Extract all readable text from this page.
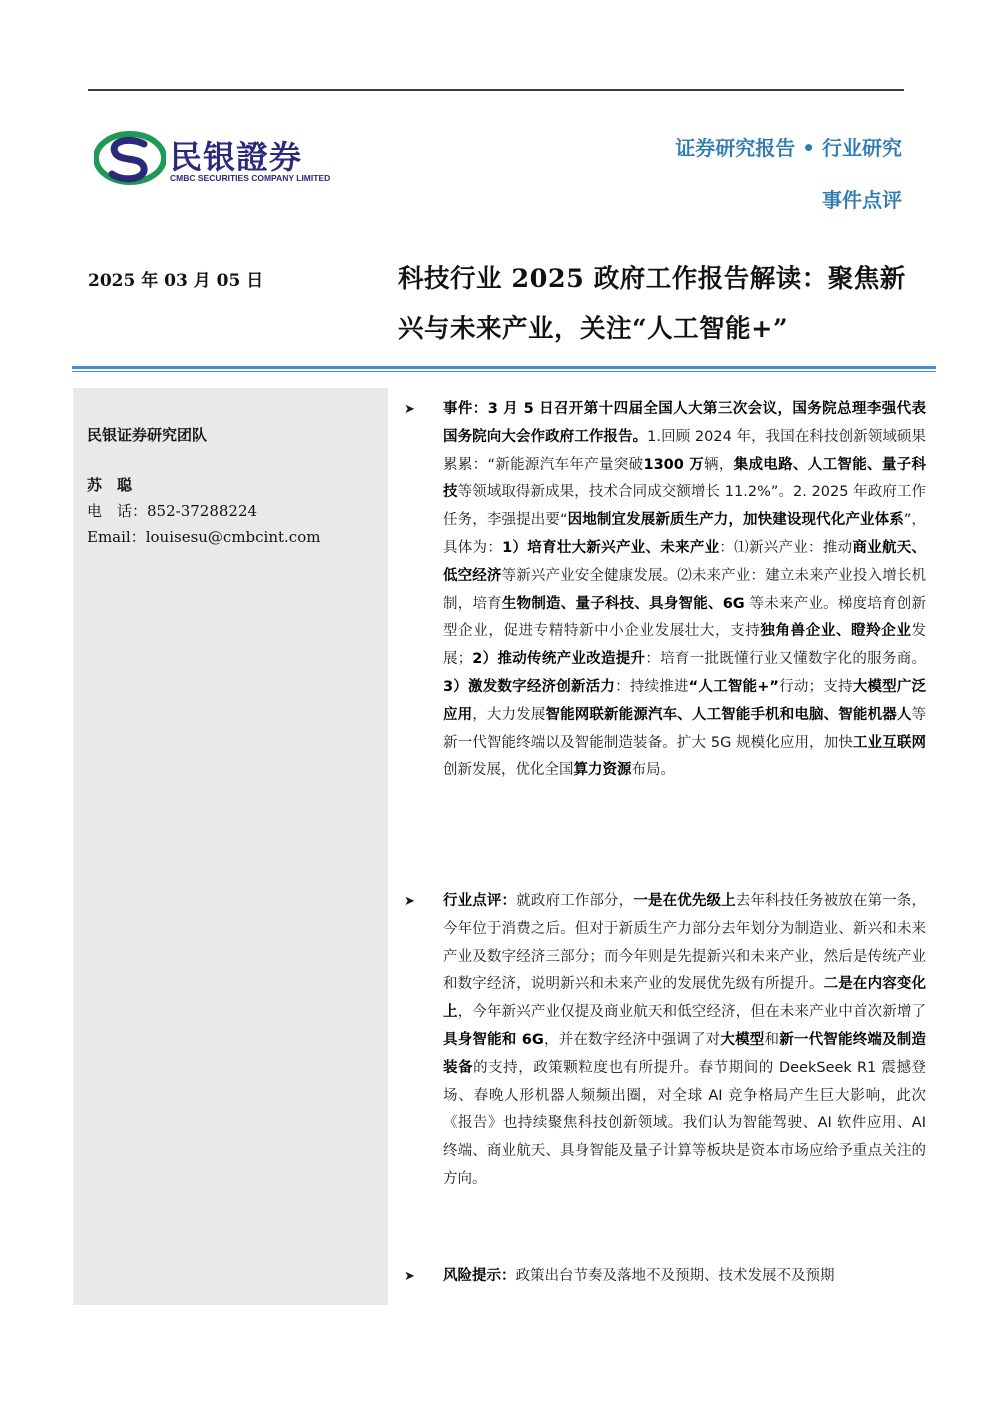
民银證券
CMBC SECURITIES COMPANY LIMITED
证券研究报告 • 行业研究
事件点评
2025 年 03 月 05 日	科技行业 2025 政府工作报告解读：聚焦新兴与未来产业，关注“人工智能+”
民银证券研究团队
苏　聪
电　话：852-37288224
Email：louisesu@cmbcint.com
➤ 事件：3 月 5 日召开第十四届全国人大第三次会议，国务院总理李强代表国务院向大会作政府工作报告。1.回顾 2024 年，我国在科技创新领域硕果累累：“新能源汽车年产量突破1300 万辆，集成电路、人工智能、量子科技等领域取得新成果，技术合同成交额增长 11.2%”。2. 2025 年政府工作任务，李强提出要“因地制宜发展新质生产力，加快建设现代化产业体系”，具体为：1）培育壮大新兴产业、未来产业：⑴新兴产业：推动商业航天、低空经济等新兴产业安全健康发展。⑵未来产业：建立未来产业投入增长机制，培育生物制造、量子科技、具身智能、6G 等未来产业。梯度培育创新型企业，促进专精特新中小企业发展壮大，支持独角兽企业、瞪羚企业发展；2）推动传统产业改造提升：培育一批既懂行业又懂数字化的服务商。3）激发数字经济创新活力：持续推进“人工智能+”行动；支持大模型广泛应用，大力发展智能网联新能源汽车、人工智能手机和电脑、智能机器人等新一代智能终端以及智能制造装备。扩大 5G 规模化应用，加快工业互联网创新发展，优化全国算力资源布局。
➤ 行业点评：就政府工作部分，一是在优先级上去年科技任务被放在第一条，今年位于消费之后。但对于新质生产力部分去年划分为制造业、新兴和未来产业及数字经济三部分；而今年则是先提新兴和未来产业，然后是传统产业和数字经济，说明新兴和未来产业的发展优先级有所提升。二是在内容变化上，今年新兴产业仅提及商业航天和低空经济，但在未来产业中首次新增了具身智能和 6G，并在数字经济中强调了对大模型和新一代智能终端及制造装备的支持，政策颗粒度也有所提升。春节期间的 DeekSeek R1 震撼登场、春晚人形机器人频频出圈，对全球 AI 竞争格局产生巨大影响，此次《报告》也持续聚焦科技创新领域。我们认为智能驾驶、AI 软件应用、AI 终端、商业航天、具身智能及量子计算等板块是资本市场应给予重点关注的方向。
➤ 风险提示：政策出台节奏及落地不及预期、技术发展不及预期
